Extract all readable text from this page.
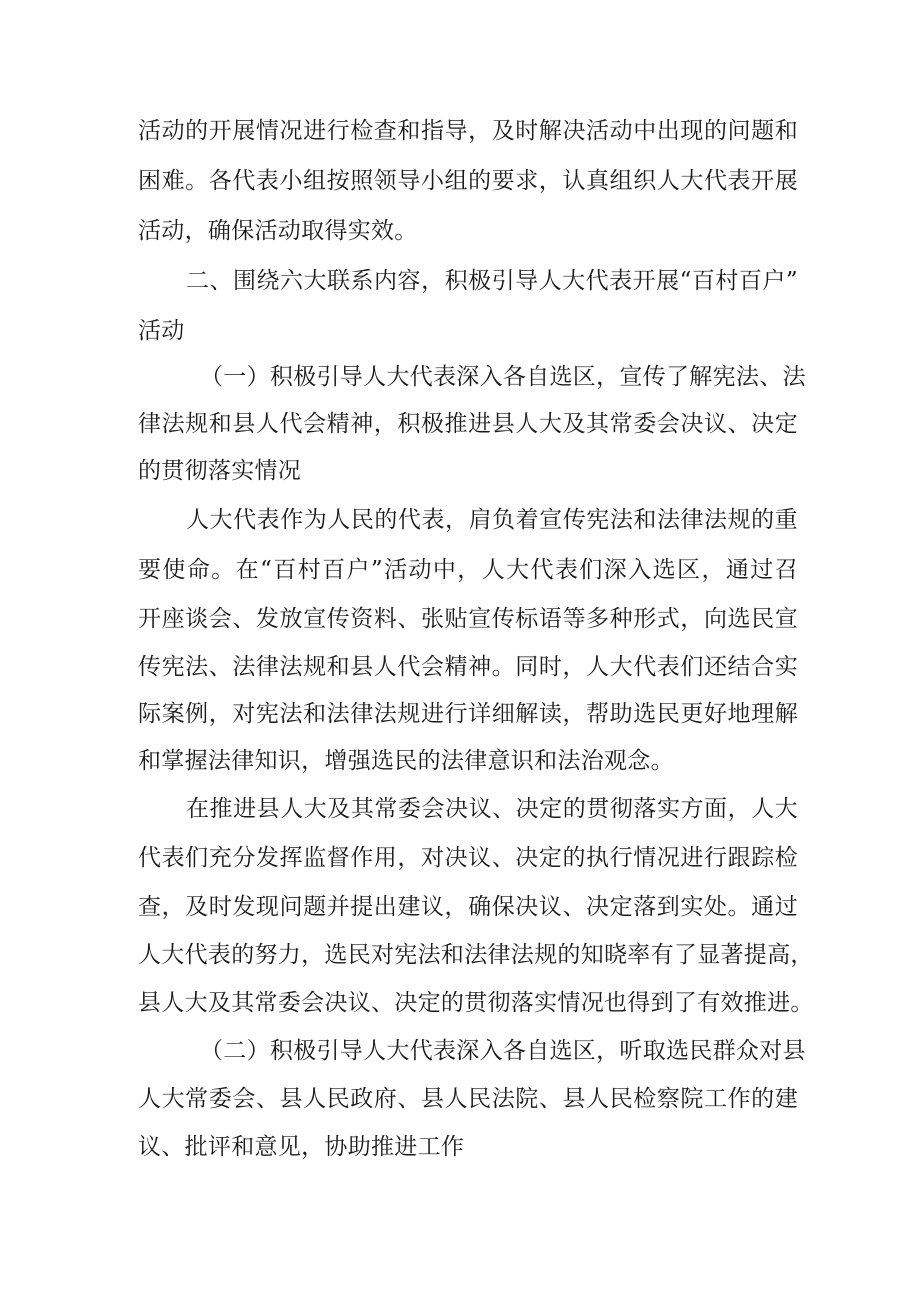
活动的开展情况进行检查和指导，及时解决活动中出现的问题和
困难。各代表小组按照领导小组的要求，认真组织人大代表开展
活动，确保活动取得实效。
二、围绕六大联系内容，积极引导人大代表开展“百村百户”
活动
（一）积极引导人大代表深入各自选区，宣传了解宪法、法
律法规和县人代会精神，积极推进县人大及其常委会决议、决定
的贯彻落实情况
人大代表作为人民的代表，肩负着宣传宪法和法律法规的重
要使命。在“百村百户”活动中，人大代表们深入选区，通过召
开座谈会、发放宣传资料、张贴宣传标语等多种形式，向选民宣
传宪法、法律法规和县人代会精神。同时，人大代表们还结合实
际案例，对宪法和法律法规进行详细解读，帮助选民更好地理解
和掌握法律知识，增强选民的法律意识和法治观念。
在推进县人大及其常委会决议、决定的贯彻落实方面，人大
代表们充分发挥监督作用，对决议、决定的执行情况进行跟踪检
查，及时发现问题并提出建议，确保决议、决定落到实处。通过
人大代表的努力，选民对宪法和法律法规的知晓率有了显著提高，
县人大及其常委会决议、决定的贯彻落实情况也得到了有效推进。
（二）积极引导人大代表深入各自选区，听取选民群众对县
人大常委会、县人民政府、县人民法院、县人民检察院工作的建
议、批评和意见，协助推进工作
